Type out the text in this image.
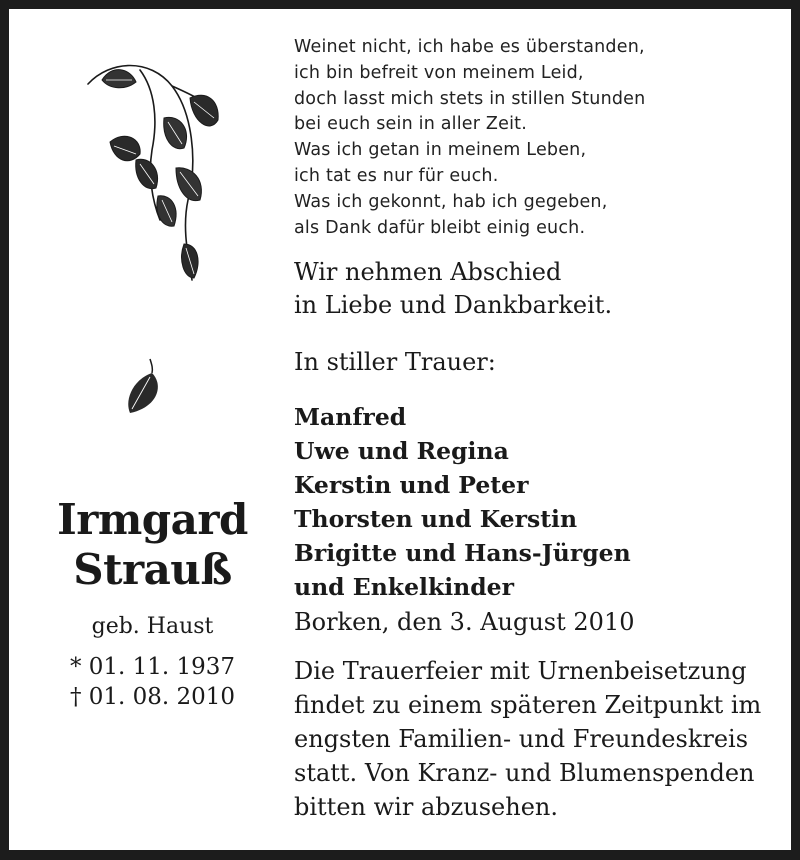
Weinet nicht, ich habe es überstanden,
ich bin befreit von meinem Leid,
doch lasst mich stets in stillen Stunden
bei euch sein in aller Zeit.
Was ich getan in meinem Leben,
ich tat es nur für euch.
Was ich gekonnt, hab ich gegeben,
als Dank dafür bleibt einig euch.
Wir nehmen Abschied
in Liebe und Dankbarkeit.
In stiller Trauer:
Manfred
Uwe und Regina
Kerstin und Peter
Thorsten und Kerstin
Brigitte und Hans-Jürgen
und Enkelkinder
Borken, den 3. August 2010
Die Trauerfeier mit Urnenbeisetzung
findet zu einem späteren Zeitpunkt im
engsten Familien- und Freundeskreis
statt. Von Kranz- und Blumenspenden
bitten wir abzusehen.
Irmgard
Strauß
geb. Haust
* 01. 11. 1937
† 01. 08. 2010
